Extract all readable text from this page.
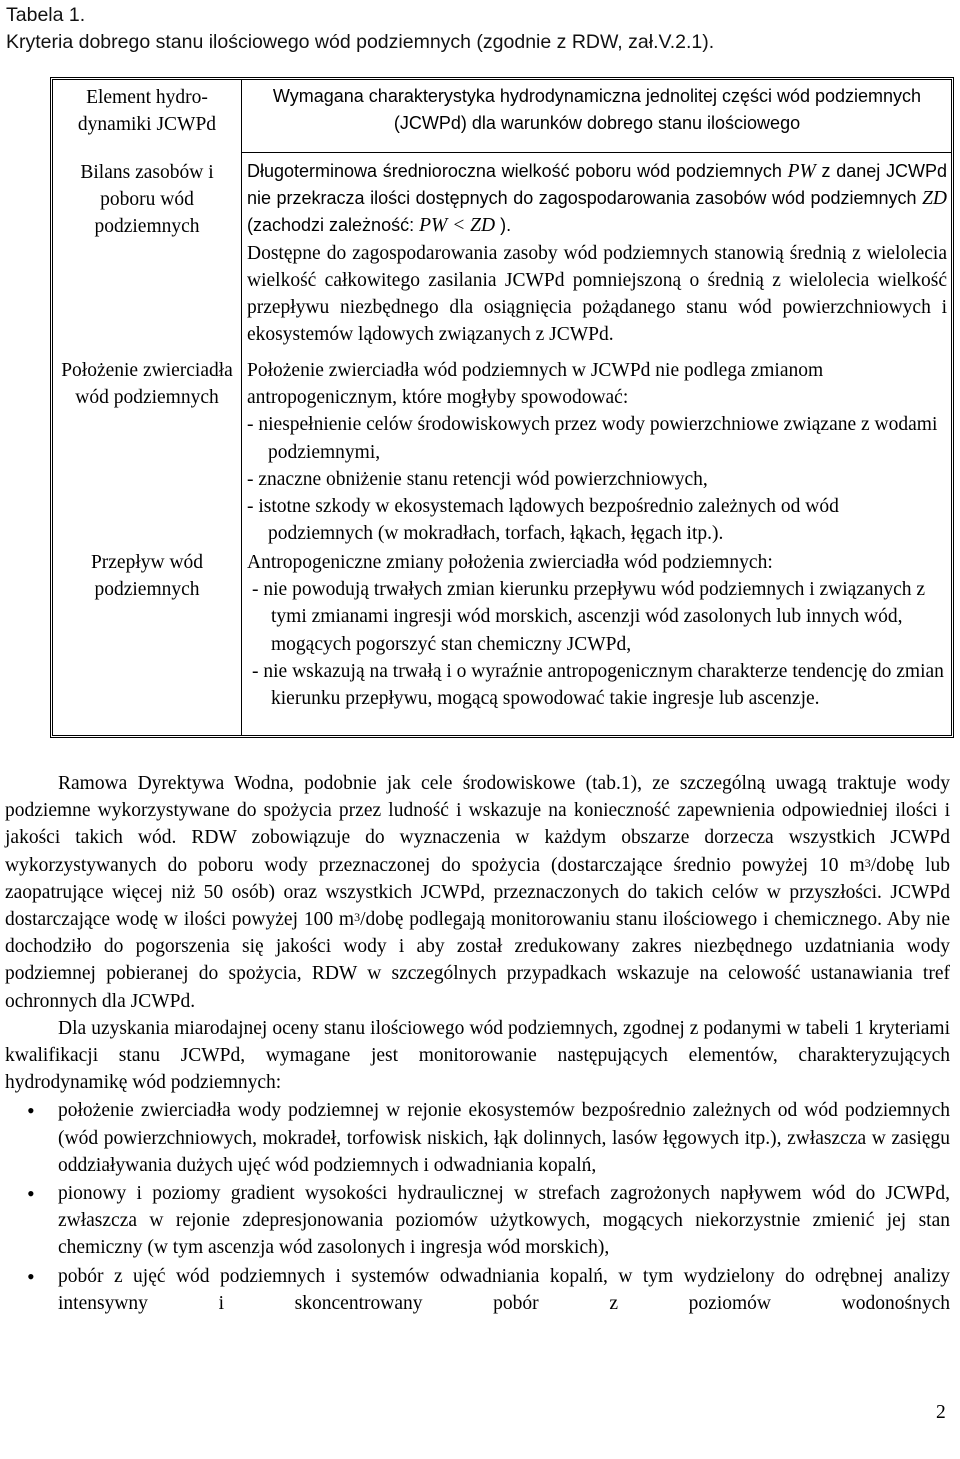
Tabela 1.
Kryteria dobrego stanu ilościowego wód podziemnych (zgodnie z RDW, zał.V.2.1).
Element hydro-dynamiki JCWPd
Wymagana charakterystyka hydrodynamiczna jednolitej części wód podziemnych (JCWPd) dla warunków dobrego stanu ilościowego
Bilans zasobów i poboru wód podziemnych
Długoterminowa średnioroczna wielkość poboru wód podziemnych PW z danej JCWPd nie przekracza ilości dostępnych do zagospodarowania zasobów wód podziemnych ZD (zachodzi zależność: PW < ZD ).
Dostępne do zagospodarowania zasoby wód podziemnych stanowią średnią z wielolecia wielkość całkowitego zasilania JCWPd pomniejszoną o średnią z wielolecia wielkość przepływu niezbędnego dla osiągnięcia pożądanego stanu wód powierzchniowych i ekosystemów lądowych związanych z JCWPd.
Położenie zwierciadła wód podziemnych
Położenie zwierciadła wód podziemnych w JCWPd nie podlega zmianom antropogenicznym, które mogłyby spowodować:
- niespełnienie celów środowiskowych przez wody powierzchniowe związane z wodami podziemnymi,
- znaczne obniżenie stanu retencji wód powierzchniowych,
- istotne szkody w ekosystemach lądowych bezpośrednio zależnych od wód podziemnych (w mokradłach, torfach, łąkach, łęgach itp.).
Przepływ wód podziemnych
Antropogeniczne zmiany położenia zwierciadła wód podziemnych:
- nie powodują trwałych zmian kierunku przepływu wód podziemnych i związanych z tymi zmianami ingresji wód morskich, ascenzji wód zasolonych lub innych wód, mogących pogorszyć stan chemiczny JCWPd,
- nie wskazują na trwałą i o wyraźnie antropogenicznym charakterze tendencję do zmian kierunku przepływu, mogącą spowodować takie ingresje lub ascenzje.
Ramowa Dyrektywa Wodna, podobnie jak cele środowiskowe (tab.1), ze szczególną uwagą traktuje wody podziemne wykorzystywane do spożycia przez ludność i wskazuje na konieczność zapewnienia odpowiedniej ilości i jakości takich wód. RDW zobowiązuje do wyznaczenia w każdym obszarze dorzecza wszystkich JCWPd wykorzystywanych do poboru wody przeznaczonej do spożycia (dostarczające średnio powyżej 10 $m^3$/dobę lub zaopatrujące więcej niż 50 osób) oraz wszystkich JCWPd, przeznaczonych do takich celów w przyszłości. JCWPd dostarczające wodę w ilości powyżej 100 $m^3$/dobę podlegają monitorowaniu stanu ilościowego i chemicznego. Aby nie dochodziło do pogorszenia się jakości wody i aby został zredukowany zakres niezbędnego uzdatniania wody podziemnej pobieranej do spożycia, RDW w szczególnych przypadkach wskazuje na celowość ustanawiania tref ochronnych dla JCWPd.
Dla uzyskania miarodajnej oceny stanu ilościowego wód podziemnych, zgodnej z podanymi w tabeli 1 kryteriami kwalifikacji stanu JCWPd, wymagane jest monitorowanie następujących elementów, charakteryzujących hydrodynamikę wód podziemnych:
• położenie zwierciadła wody podziemnej w rejonie ekosystemów bezpośrednio zależnych od wód podziemnych (wód powierzchniowych, mokradeł, torfowisk niskich, łąk dolinnych, lasów łęgowych itp.), zwłaszcza w zasięgu oddziaływania dużych ujęć wód podziemnych i odwadniania kopalń,
• pionowy i poziomy gradient wysokości hydraulicznej w strefach zagrożonych napływem wód do JCWPd, zwłaszcza w rejonie zdepresjonowania poziomów użytkowych, mogących niekorzystnie zmienić jej stan chemiczny (w tym ascenzja wód zasolonych i ingresja wód morskich),
• pobór z ujęć wód podziemnych i systemów odwadniania kopalń, w tym wydzielony do odrębnej analizy intensywny i skoncentrowany pobór z poziomów wodonośnych
2
